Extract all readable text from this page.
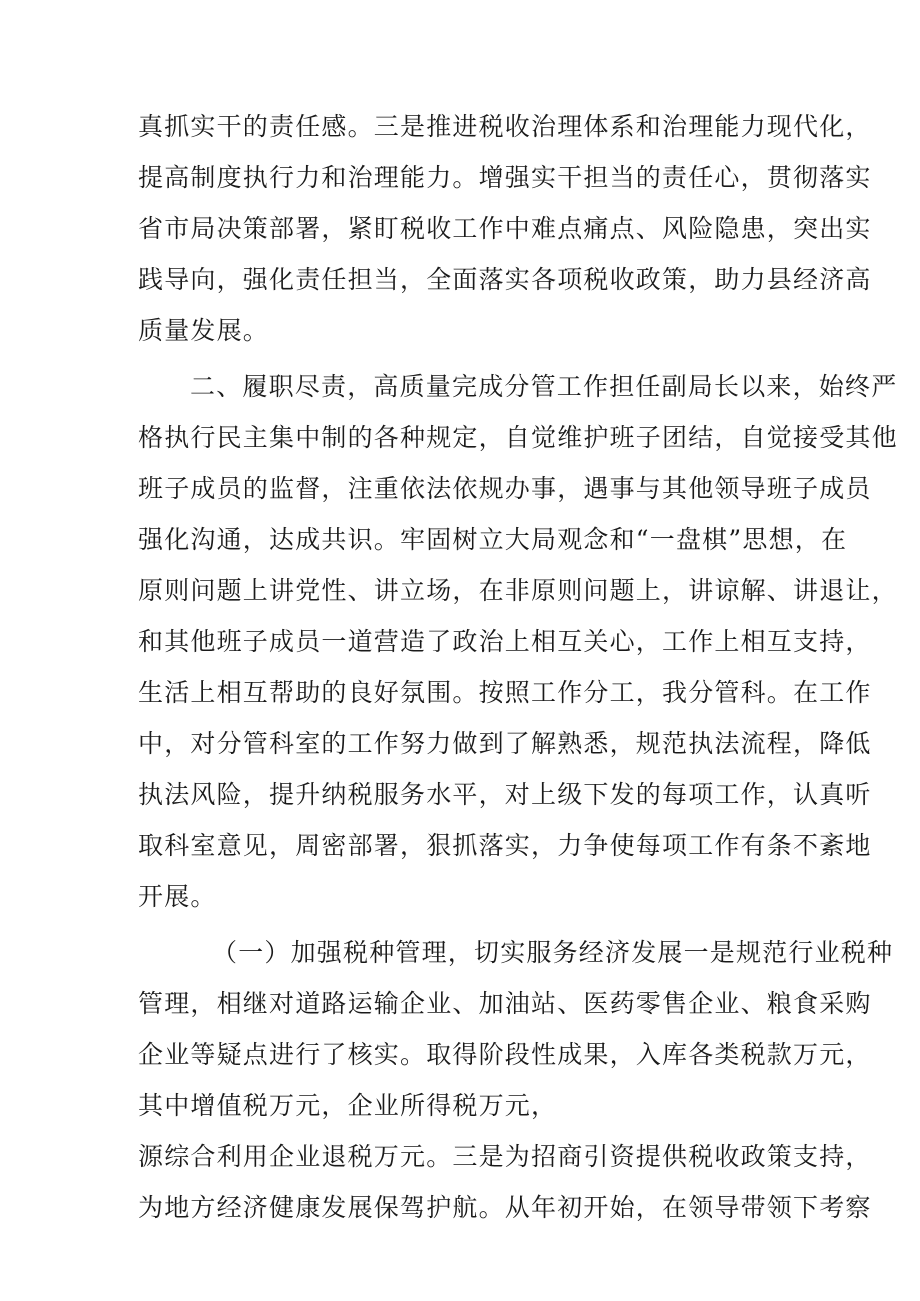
真抓实干的责任感。三是推进税收治理体系和治理能力现代化，
提高制度执行力和治理能力。增强实干担当的责任心，贯彻落实
省市局决策部署，紧盯税收工作中难点痛点、风险隐患，突出实
践导向，强化责任担当，全面落实各项税收政策，助力县经济高
质量发展。
二、履职尽责，高质量完成分管工作担任副局长以来，始终严
格执行民主集中制的各种规定，自觉维护班子团结，自觉接受其他
班子成员的监督，注重依法依规办事，遇事与其他领导班子成员
强化沟通，达成共识。牢固树立大局观念和“一盘棋”思想，在
原则问题上讲党性、讲立场，在非原则问题上，讲谅解、讲退让，
和其他班子成员一道营造了政治上相互关心，工作上相互支持，
生活上相互帮助的良好氛围。按照工作分工，我分管科。在工作
中，对分管科室的工作努力做到了解熟悉，规范执法流程，降低
执法风险，提升纳税服务水平，对上级下发的每项工作，认真听
取科室意见，周密部署，狠抓落实，力争使每项工作有条不紊地
开展。
（一）加强税种管理，切实服务经济发展一是规范行业税种
管理，相继对道路运输企业、加油站、医药零售企业、粮食采购
企业等疑点进行了核实。取得阶段性成果，入库各类税款万元，
其中增值税万元，企业所得税万元，
源综合利用企业退税万元。三是为招商引资提供税收政策支持，
为地方经济健康发展保驾护航。从年初开始，在领导带领下考察
